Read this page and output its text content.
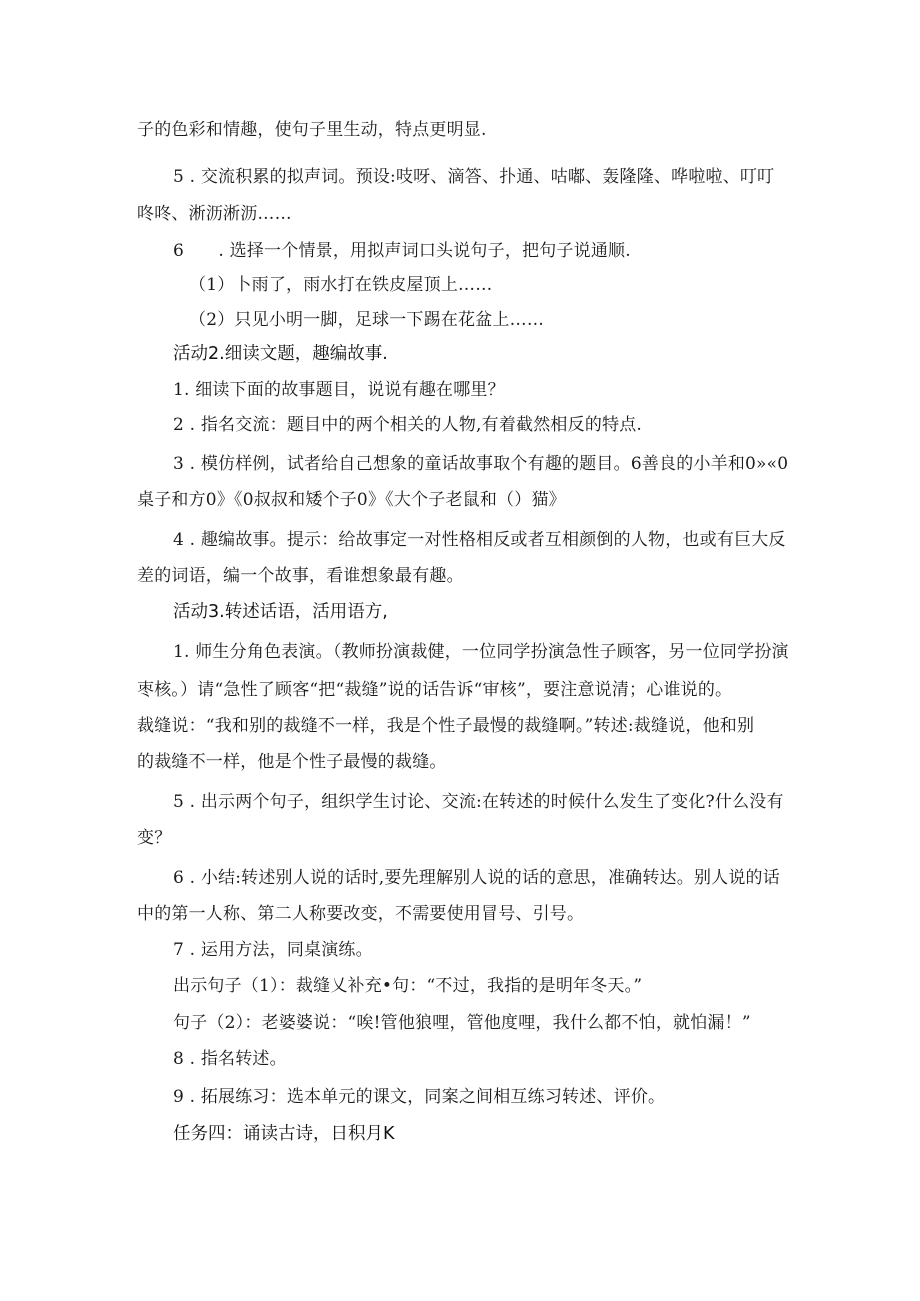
子的色彩和情趣，使句子里生动，特点更明显.
5 . 交流积累的拟声词。预设:吱呀、滴答、扑通、咕嘟、轰隆隆、哗啦啦、叮叮
咚咚、淅沥淅沥……
6　　. 选择一个情景，用拟声词口头说句子，把句子说通顺.
（1）卜雨了，雨水打在铁皮屋顶上……
（2）只见小明一脚，足球一下踢在花盆上……
活动2.细读文题，趣编故事.
1. 细读下面的故事题目，说说有趣在哪里？
2 . 指名交流：题目中的两个相关的人物,有着截然相反的特点.
3 . 模仿样例，试者给自己想象的童话故事取个有趣的题目。6善良的小羊和0»«0
桌子和方0》《0叔叔和矮个子0》《大个子老鼠和（）猫》
4 . 趣编故事。提示：给故事定一对性格相反或者互相颜倒的人物，也或有巨大反
差的词语，编一个故事，看谁想象最有趣。
活动3.转述话语，活用语方,
1. 师生分角色表演。（教师扮演裁健，一位同学扮演急性子顾客，另一位同学扮演
枣核。）请“急性了顾客“把“裁缝”说的话告诉“审核”，要注意说清；心谁说的。
裁缝说：“我和别的裁缝不一样，我是个性子最慢的裁缝啊。”转述:裁缝说，他和别
的裁缝不一样，他是个性子最慢的裁缝。
5 . 出示两个句子，组织学生讨论、交流:在转述的时候什么发生了变化?什么没有
变？
6 . 小结:转述别人说的话时,要先理解别人说的话的意思，准确转达。别人说的话
中的第一人称、第二人称要改变，不需要使用冒号、引号。
7 . 运用方法，同桌演练。
出示句子（1）：裁缝乂补充•句：“不过，我指的是明年冬天。”
句子（2）：老婆婆说：“唉!管他狼哩，管他度哩，我什么都不怕，就怕漏！”
8 . 指名转述。
9 . 拓展练习：选本单元的课文，同案之间相互练习转述、评价。
任务四：诵读古诗，日积月K
